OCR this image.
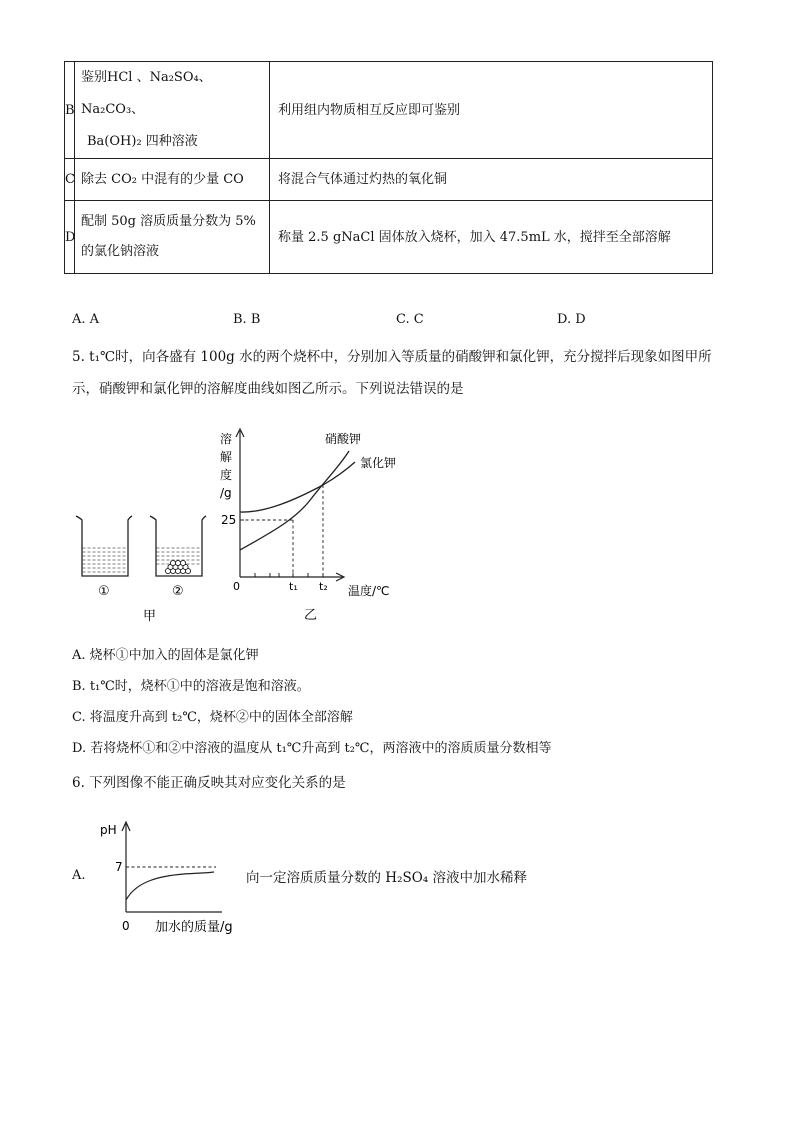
B	鉴别HCl 、Na₂SO₄、Na₂CO₃、
Ba(OH)₂ 四种溶液	利用组内物质相互反应即可鉴别
C	除去 CO₂ 中混有的少量 CO	将混合气体通过灼热的氧化铜
D	配制 50g 溶质质量分数为 5%
的氯化钠溶液	称量 2.5 gNaCl 固体放入烧杯，加入 47.5mL 水，搅拌至全部溶解
A. A	B. B	C. C	D. D
5. t₁℃时，向各盛有 100g 水的两个烧杯中，分别加入等质量的硝酸钾和氯化钾，充分搅拌后现象如图甲所
示，硝酸钾和氯化钾的溶解度曲线如图乙所示。下列说法错误的是
①	②
甲
溶
解
度
/g
25
0	t₁ t₂ 温度/℃
硝酸钾
氯化钾
乙
A. 烧杯①中加入的固体是氯化钾
B. t₁℃时，烧杯①中的溶液是饱和溶液。
C. 将温度升高到 t₂℃，烧杯②中的固体全部溶解
D. 若将烧杯①和②中溶液的温度从 t₁℃升高到 t₂℃，两溶液中的溶质质量分数相等
6. 下列图像不能正确反映其对应变化关系的是
A.
pH
7
0 加水的质量/g
向一定溶质质量分数的 H₂SO₄ 溶液中加水稀释
